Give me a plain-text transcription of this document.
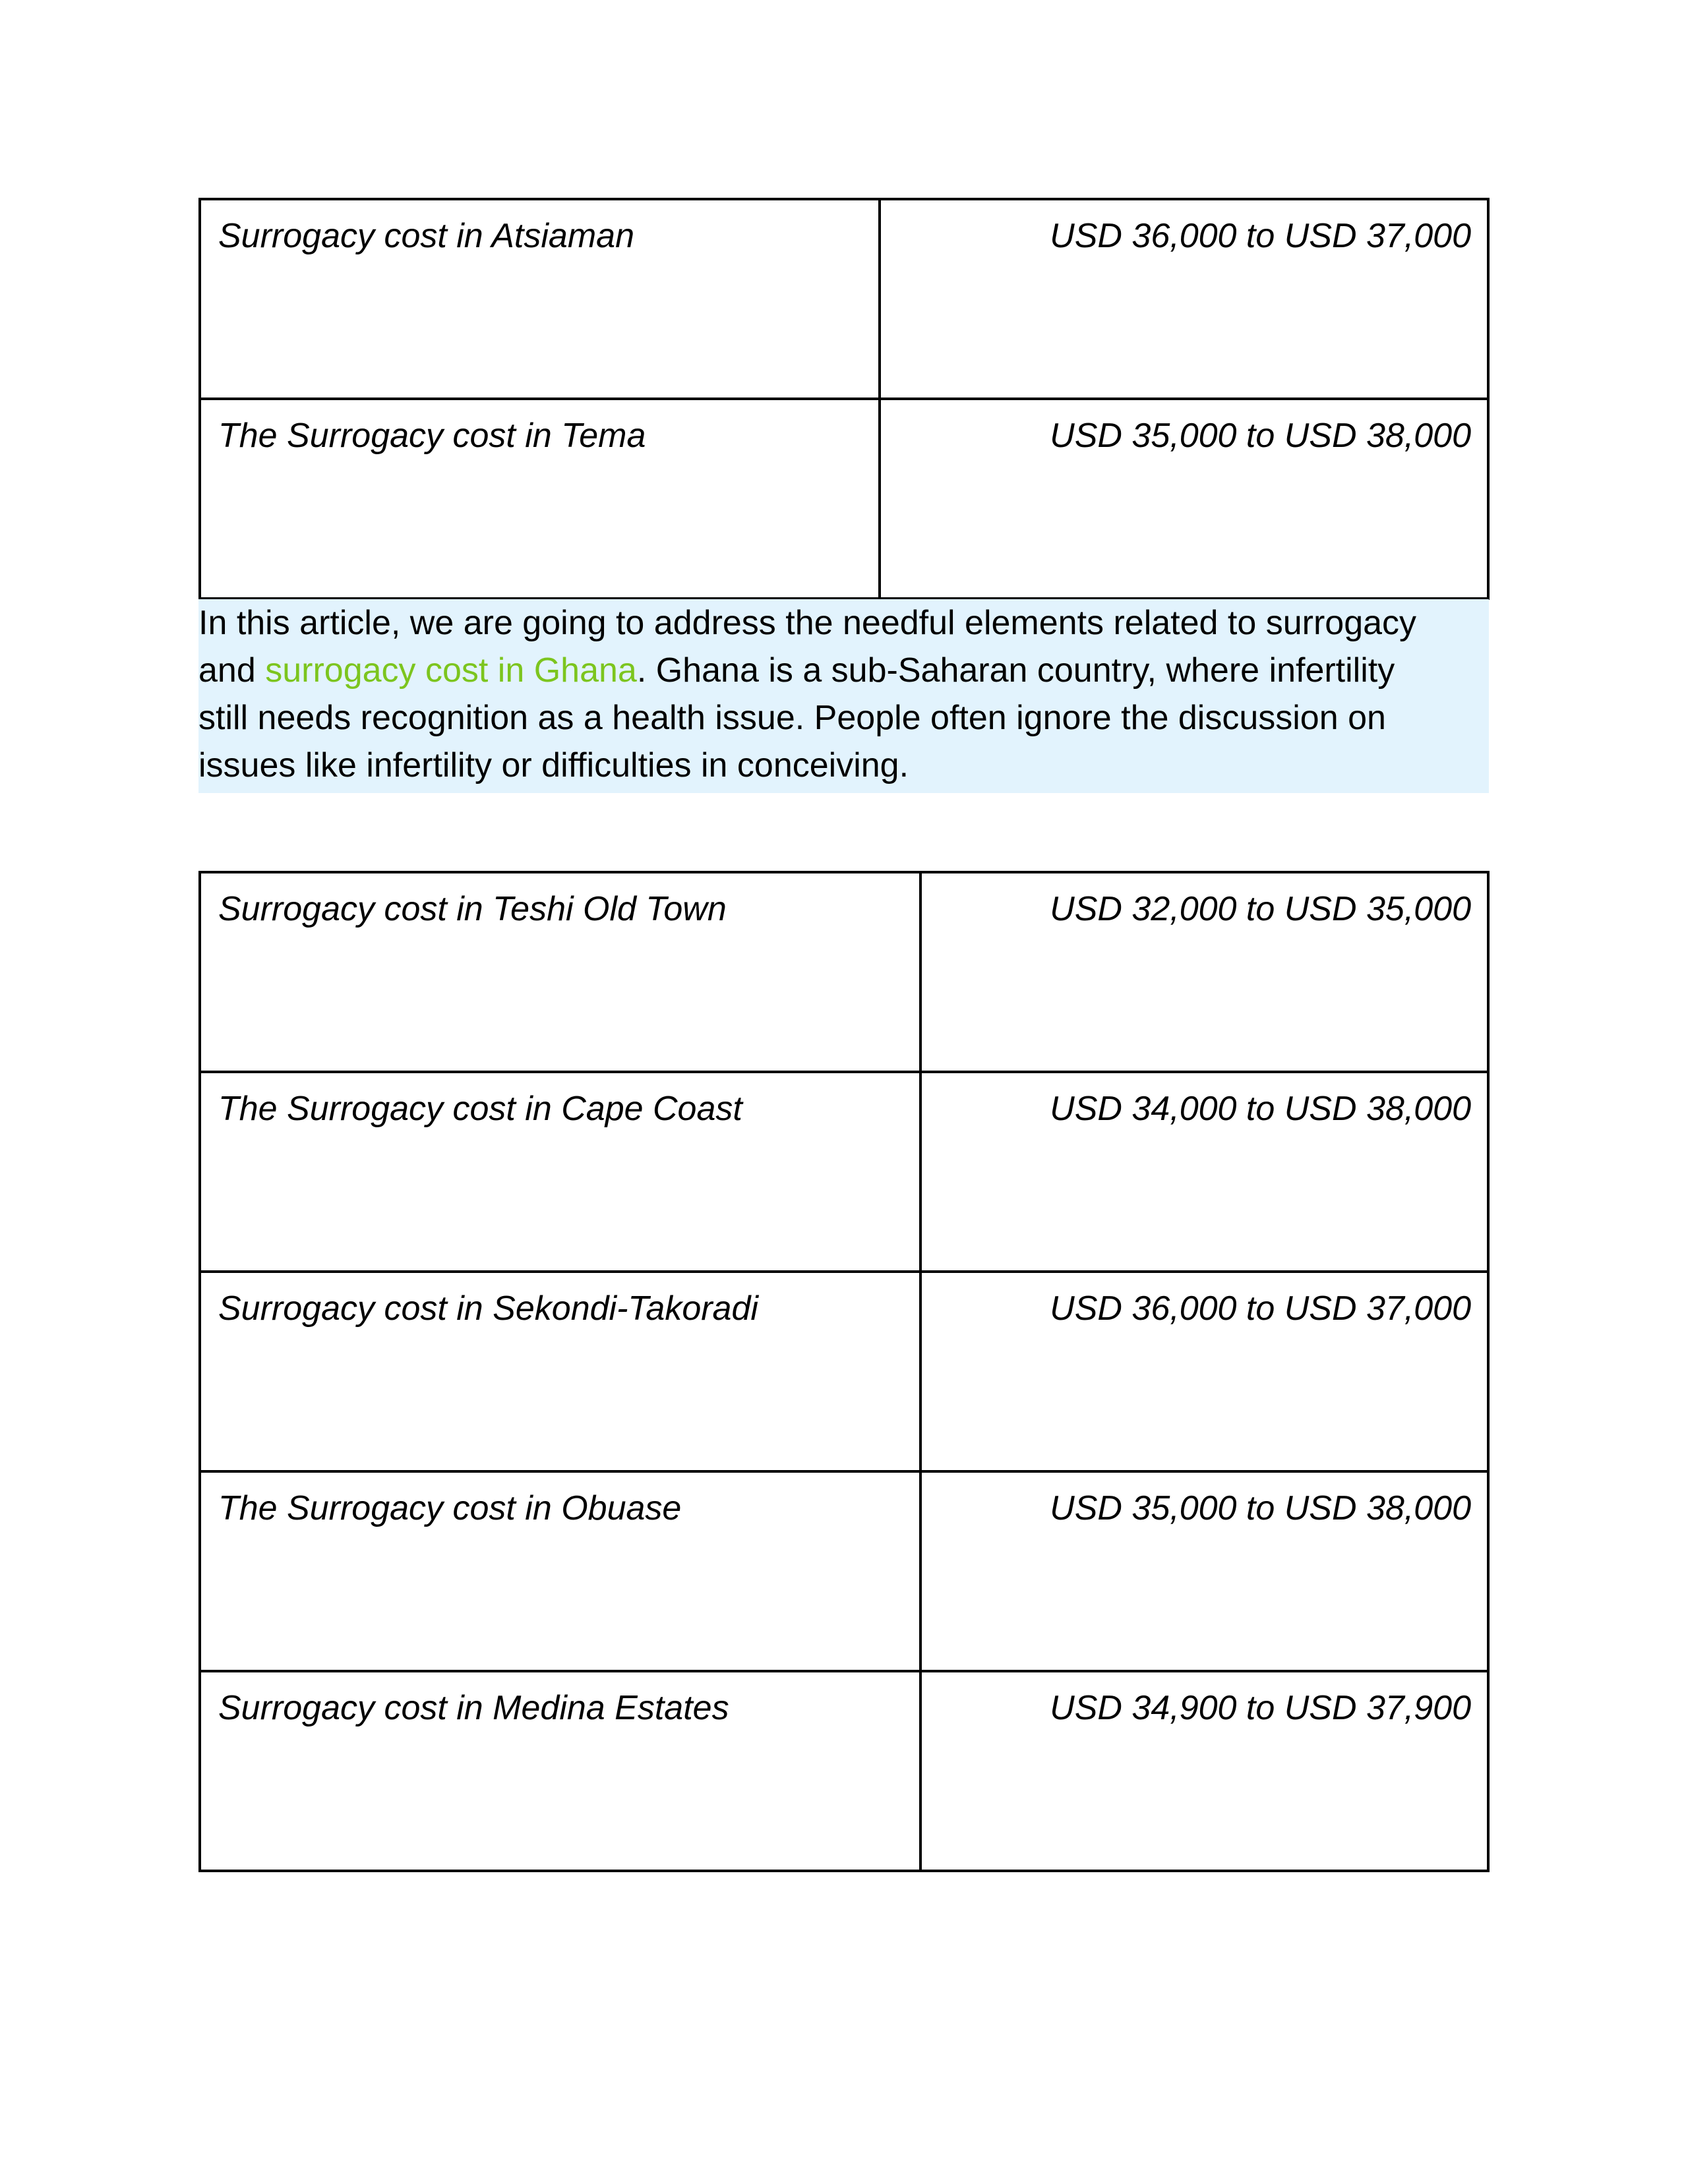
Surrogacy cost in Atsiaman	USD 36,000 to USD 37,000
The Surrogacy cost in Tema	USD 35,000 to USD 38,000

In this article, we are going to address the needful elements related to surrogacy
and surrogacy cost in Ghana. Ghana is a sub-Saharan country, where infertility
still needs recognition as a health issue. People often ignore the discussion on
issues like infertility or difficulties in conceiving.

Surrogacy cost in Teshi Old Town	USD 32,000 to USD 35,000
The Surrogacy cost in Cape Coast	USD 34,000 to USD 38,000
Surrogacy cost in Sekondi-Takoradi	USD 36,000 to USD 37,000
The Surrogacy cost in Obuase	USD 35,000 to USD 38,000
Surrogacy cost in Medina Estates	USD 34,900 to USD 37,900
